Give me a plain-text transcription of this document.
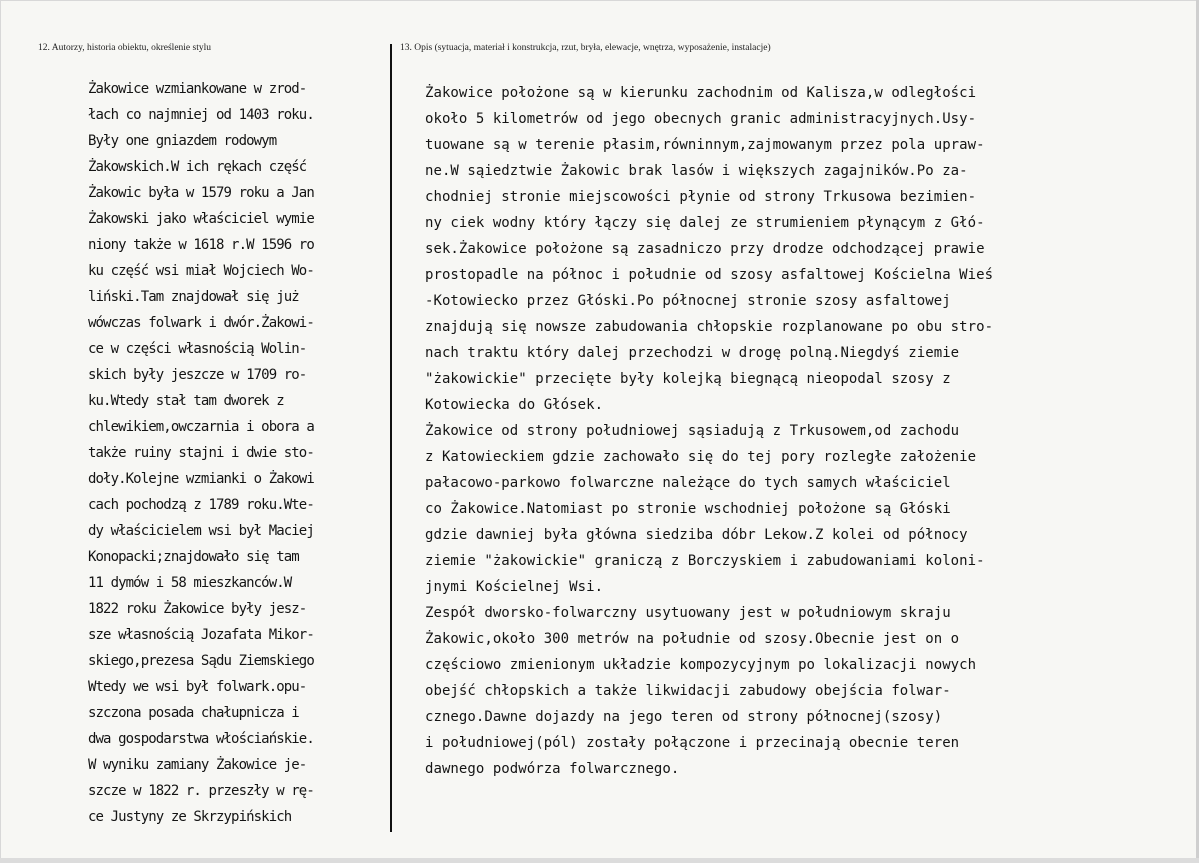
12. Autorzy, historia obiektu, określenie stylu	13. Opis (sytuacja, materiał i konstrukcja, rzut, bryła, elewacje, wnętrza, wyposażenie, instalacje)
Żakowice wzmiankowane w zrod-
łach co najmniej od 1403 roku.
Były one gniazdem rodowym
Żakowskich.W ich rękach część
Żakowic była w 1579 roku a Jan
Żakowski jako właściciel wymie
niony także w 1618 r.W 1596 ro
ku część wsi miał Wojciech Wo-
liński.Tam znajdował się już
wówczas folwark i dwór.Żakowi-
ce w części własnością Wolin-
skich były jeszcze w 1709 ro-
ku.Wtedy stał tam dworek z
chlewikiem,owczarnia i obora a
także ruiny stajni i dwie sto-
doły.Kolejne wzmianki o Żakowi
cach pochodzą z 1789 roku.Wte-
dy właścicielem wsi był Maciej
Konopacki;znajdowało się tam
11 dymów i 58 mieszkanców.W
1822 roku Żakowice były jesz-
sze własnością Jozafata Mikor-
skiego,prezesa Sądu Ziemskiego
Wtedy we wsi był folwark.opu-
szczona posada chałupnicza i
dwa gospodarstwa włościańskie.
W wyniku zamiany Żakowice je-
szcze w 1822 r. przeszły w rę-
ce Justyny ze Skrzypińskich
Żakowice położone są w kierunku zachodnim od Kalisza,w odległości
około 5 kilometrów od jego obecnych granic administracyjnych.Usy-
tuowane są w terenie płasim,równinnym,zajmowanym przez pola upraw-
ne.W sąiedztwie Żakowic brak lasów i większych zagajników.Po za-
chodniej stronie miejscowości płynie od strony Trkusowa bezimien-
ny ciek wodny który łączy się dalej ze strumieniem płynącym z Głó-
sek.Żakowice położone są zasadniczo przy drodze odchodzącej prawie
prostopadle na północ i południe od szosy asfaltowej Kościelna Wieś
-Kotowiecko przez Głóski.Po północnej stronie szosy asfaltowej
znajdują się nowsze zabudowania chłopskie rozplanowane po obu stro-
nach traktu który dalej przechodzi w drogę polną.Niegdyś ziemie
"żakowickie" przecięte były kolejką biegnącą nieopodal szosy z
Kotowiecka do Głósek.
Żakowice od strony południowej sąsiadują z Trkusowem,od zachodu
z Katowieckiem gdzie zachowało się do tej pory rozległe założenie
pałacowo-parkowo folwarczne należące do tych samych właściciel
co Żakowice.Natomiast po stronie wschodniej położone są Głóski
gdzie dawniej była główna siedziba dóbr Lekow.Z kolei od północy
ziemie "żakowickie" graniczą z Borczyskiem i zabudowaniami koloni-
jnymi Kościelnej Wsi.
Zespół dworsko-folwarczny usytuowany jest w południowym skraju
Żakowic,około 300 metrów na południe od szosy.Obecnie jest on o
częściowo zmienionym układzie kompozycyjnym po lokalizacji nowych
obejść chłopskich a także likwidacji zabudowy obejścia folwar-
cznego.Dawne dojazdy na jego teren od strony północnej(szosy)
i południowej(pól) zostały połączone i przecinają obecnie teren
dawnego podwórza folwarcznego.
